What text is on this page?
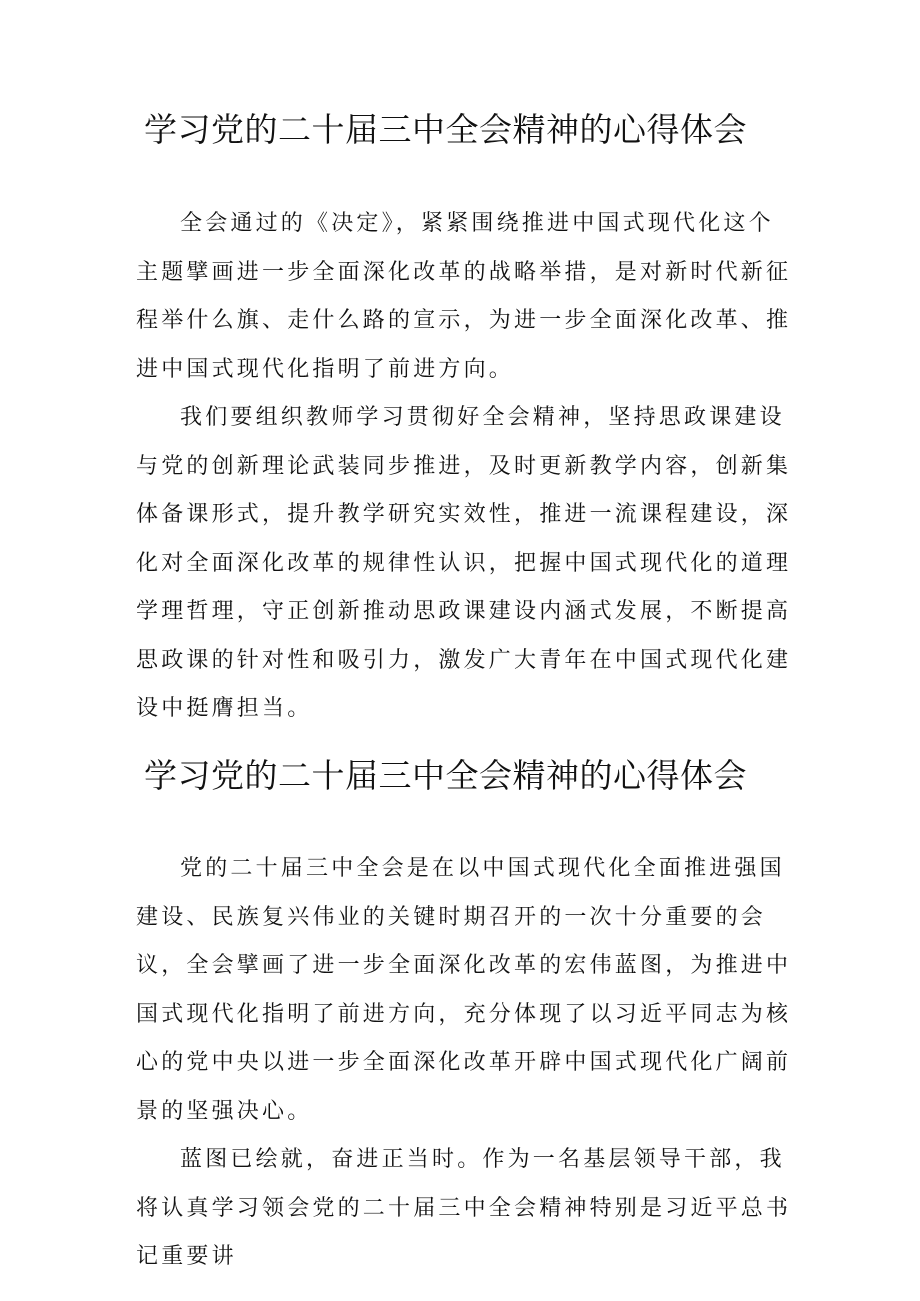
学习党的二十届三中全会精神的心得体会

全会通过的《决定》，紧紧围绕推进中国式现代化这个主题擘画进一步全面深化改革的战略举措，是对新时代新征程举什么旗、走什么路的宣示，为进一步全面深化改革、推进中国式现代化指明了前进方向。

我们要组织教师学习贯彻好全会精神，坚持思政课建设与党的创新理论武装同步推进，及时更新教学内容，创新集体备课形式，提升教学研究实效性，推进一流课程建设，深化对全面深化改革的规律性认识，把握中国式现代化的道理学理哲理，守正创新推动思政课建设内涵式发展，不断提高思政课的针对性和吸引力，激发广大青年在中国式现代化建设中挺膺担当。

学习党的二十届三中全会精神的心得体会

党的二十届三中全会是在以中国式现代化全面推进强国建设、民族复兴伟业的关键时期召开的一次十分重要的会议，全会擘画了进一步全面深化改革的宏伟蓝图，为推进中国式现代化指明了前进方向，充分体现了以习近平同志为核心的党中央以进一步全面深化改革开辟中国式现代化广阔前景的坚强决心。

蓝图已绘就，奋进正当时。作为一名基层领导干部，我将认真学习领会党的二十届三中全会精神特别是习近平总书记重要讲
